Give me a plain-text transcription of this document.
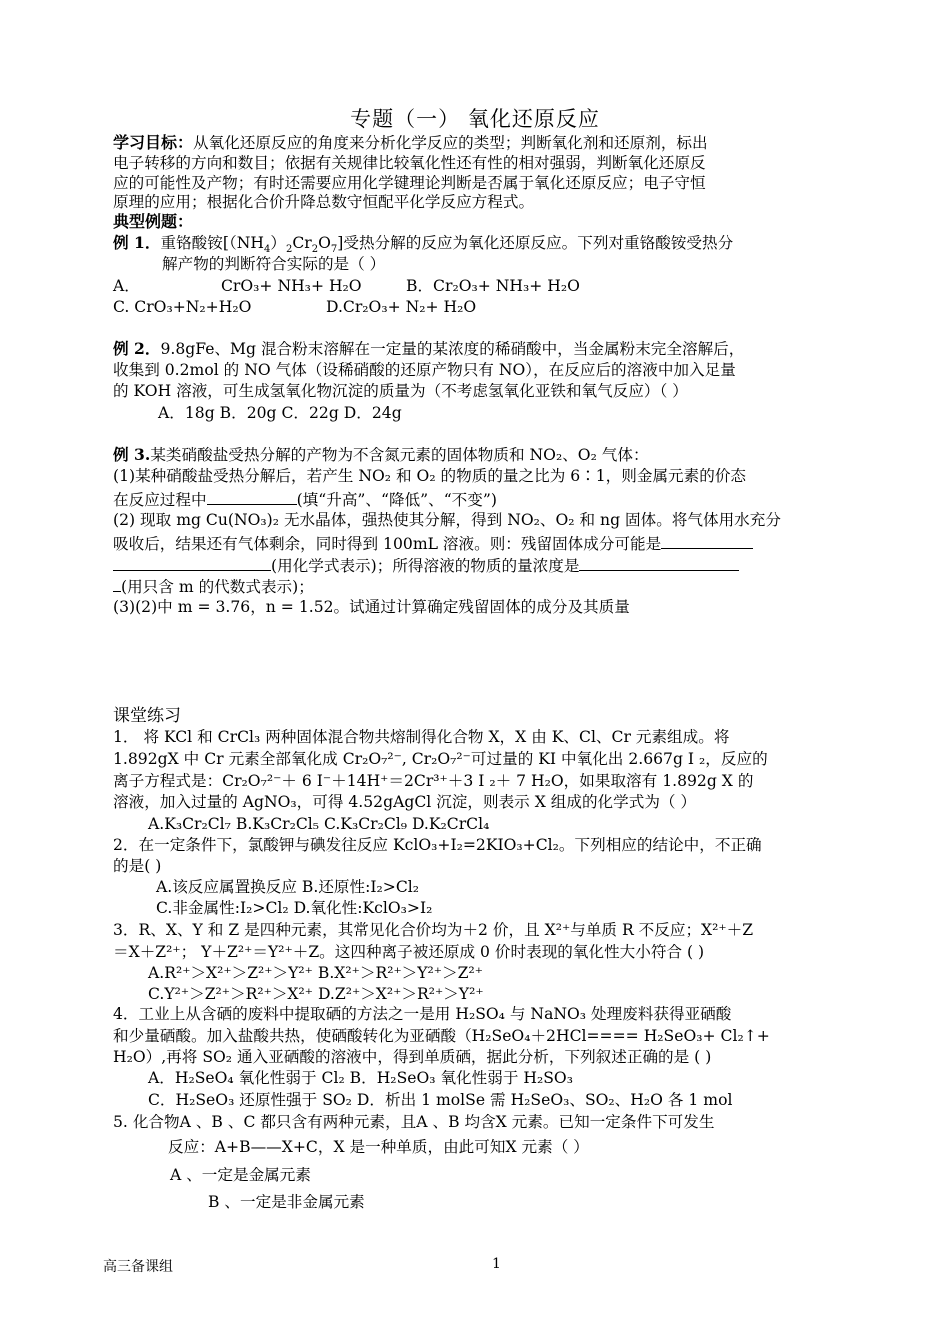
专题（一） 氧化还原反应
学习目标：从氧化还原反应的角度来分析化学反应的类型；判断氧化剂和还原剂，标出
电子转移的方向和数目；依据有关规律比较氧化性还有性的相对强弱，判断氧化还原反
应的可能性及产物；有时还需要应用化学键理论判断是否属于氧化还原反应；电子守恒
原理的应用；根据化合价升降总数守恒配平化学反应方程式。
典型例题：
例 1．重铬酸铵$[(NH_4)_2Cr_2O_7]$受热分解的反应为氧化还原反应。下列对重铬酸铵受热分
解产物的判断符合实际的是（ ）
A．	CrO₃+ NH₃+ H₂O	B．Cr₂O₃+ NH₃+ H₂O
C. CrO₃+N₂+H₂O	D.Cr₂O₃+ N₂+ H₂O
例 2．9.8gFe、Mg 混合粉末溶解在一定量的某浓度的稀硝酸中，当金属粉末完全溶解后，
收集到 0.2mol 的 NO 气体（设稀硝酸的还原产物只有 NO），在反应后的溶液中加入足量
的 KOH 溶液，可生成氢氧化物沉淀的质量为（不考虑氢氧化亚铁和氧气反应）（ ）
A．18g B．20g C．22g D．24g
例 3.某类硝酸盐受热分解的产物为不含氮元素的固体物质和 NO₂、O₂ 气体：
(1)某种硝酸盐受热分解后，若产生 NO₂ 和 O₂ 的物质的量之比为 6∶1，则金属元素的价态
在反应过程中	(填“升高”、“降低”、“不变”)
(2) 现取 mg Cu(NO₃)₂ 无水晶体，强热使其分解，得到 NO₂、O₂ 和 ng 固体。将气体用水充分
吸收后，结果还有气体剩余，同时得到 100mL 溶液。则：残留固体成分可能是
(用化学式表示)；所得溶液的物质的量浓度是
(用只含 m 的代数式表示)；
(3)(2)中 m = 3.76，n = 1.52。试通过计算确定残留固体的成分及其质量
课堂练习
1． 将 KCl 和 CrCl₃ 两种固体混合物共熔制得化合物 X，X 由 K、Cl、Cr 元素组成。将
1.892gX 中 Cr 元素全部氧化成 Cr₂O₇²⁻, Cr₂O₇²⁻可过量的 KI 中氧化出 2.667g I ₂，反应的
离子方程式是：Cr₂O₇²⁻＋ 6 I⁻＋14H⁺＝2Cr³⁺＋3 I ₂＋ 7 H₂O，如果取溶有 1.892g X 的
溶液，加入过量的 AgNO₃，可得 4.52gAgCl 沉淀，则表示 X 组成的化学式为（ ）
A.K₃Cr₂Cl₇ B.K₃Cr₂Cl₅ C.K₃Cr₂Cl₉ D.K₂CrCl₄
2．在一定条件下，氯酸钾与碘发往反应 KclO₃+I₂=2KIO₃+Cl₂。下列相应的结论中，不正确
的是( )
A.该反应属置换反应 B.还原性:I₂>Cl₂
C.非金属性:I₂>Cl₂ D.氧化性:KclO₃>I₂
3．R、X、Y 和 Z 是四种元素，其常见化合价均为＋2 价，且 X²⁺与单质 R 不反应；X²⁺＋Z
＝X＋Z²⁺； Y＋Z²⁺＝Y²⁺＋Z。这四种离子被还原成 0 价时表现的氧化性大小符合 ( )
A.R²⁺＞X²⁺＞Z²⁺＞Y²⁺ B.X²⁺＞R²⁺＞Y²⁺＞Z²⁺
C.Y²⁺＞Z²⁺＞R²⁺＞X²⁺ D.Z²⁺＞X²⁺＞R²⁺＞Y²⁺
4．工业上从含硒的废料中提取硒的方法之一是用 H₂SO₄ 与 NaNO₃ 处理废料获得亚硒酸
和少量硒酸。加入盐酸共热，使硒酸转化为亚硒酸（H₂SeO₄＋2HCl==== H₂SeO₃+ Cl₂↑+
H₂O）,再将 SO₂ 通入亚硒酸的溶液中，得到单质硒，据此分析，下列叙述正确的是 ( )
A．H₂SeO₄ 氧化性弱于 Cl₂ B．H₂SeO₃ 氧化性弱于 H₂SO₃
C．H₂SeO₃ 还原性强于 SO₂ D．析出 1 molSe 需 H₂SeO₃、SO₂、H₂O 各 1 mol
5. 化合物A 、B 、C 都只含有两种元素，且A 、B 均含X 元素。已知一定条件下可发生
反应：A+B——X+C，X 是一种单质，由此可知X 元素（ ）
A 、一定是金属元素
B 、一定是非金属元素
高三备课组	1
